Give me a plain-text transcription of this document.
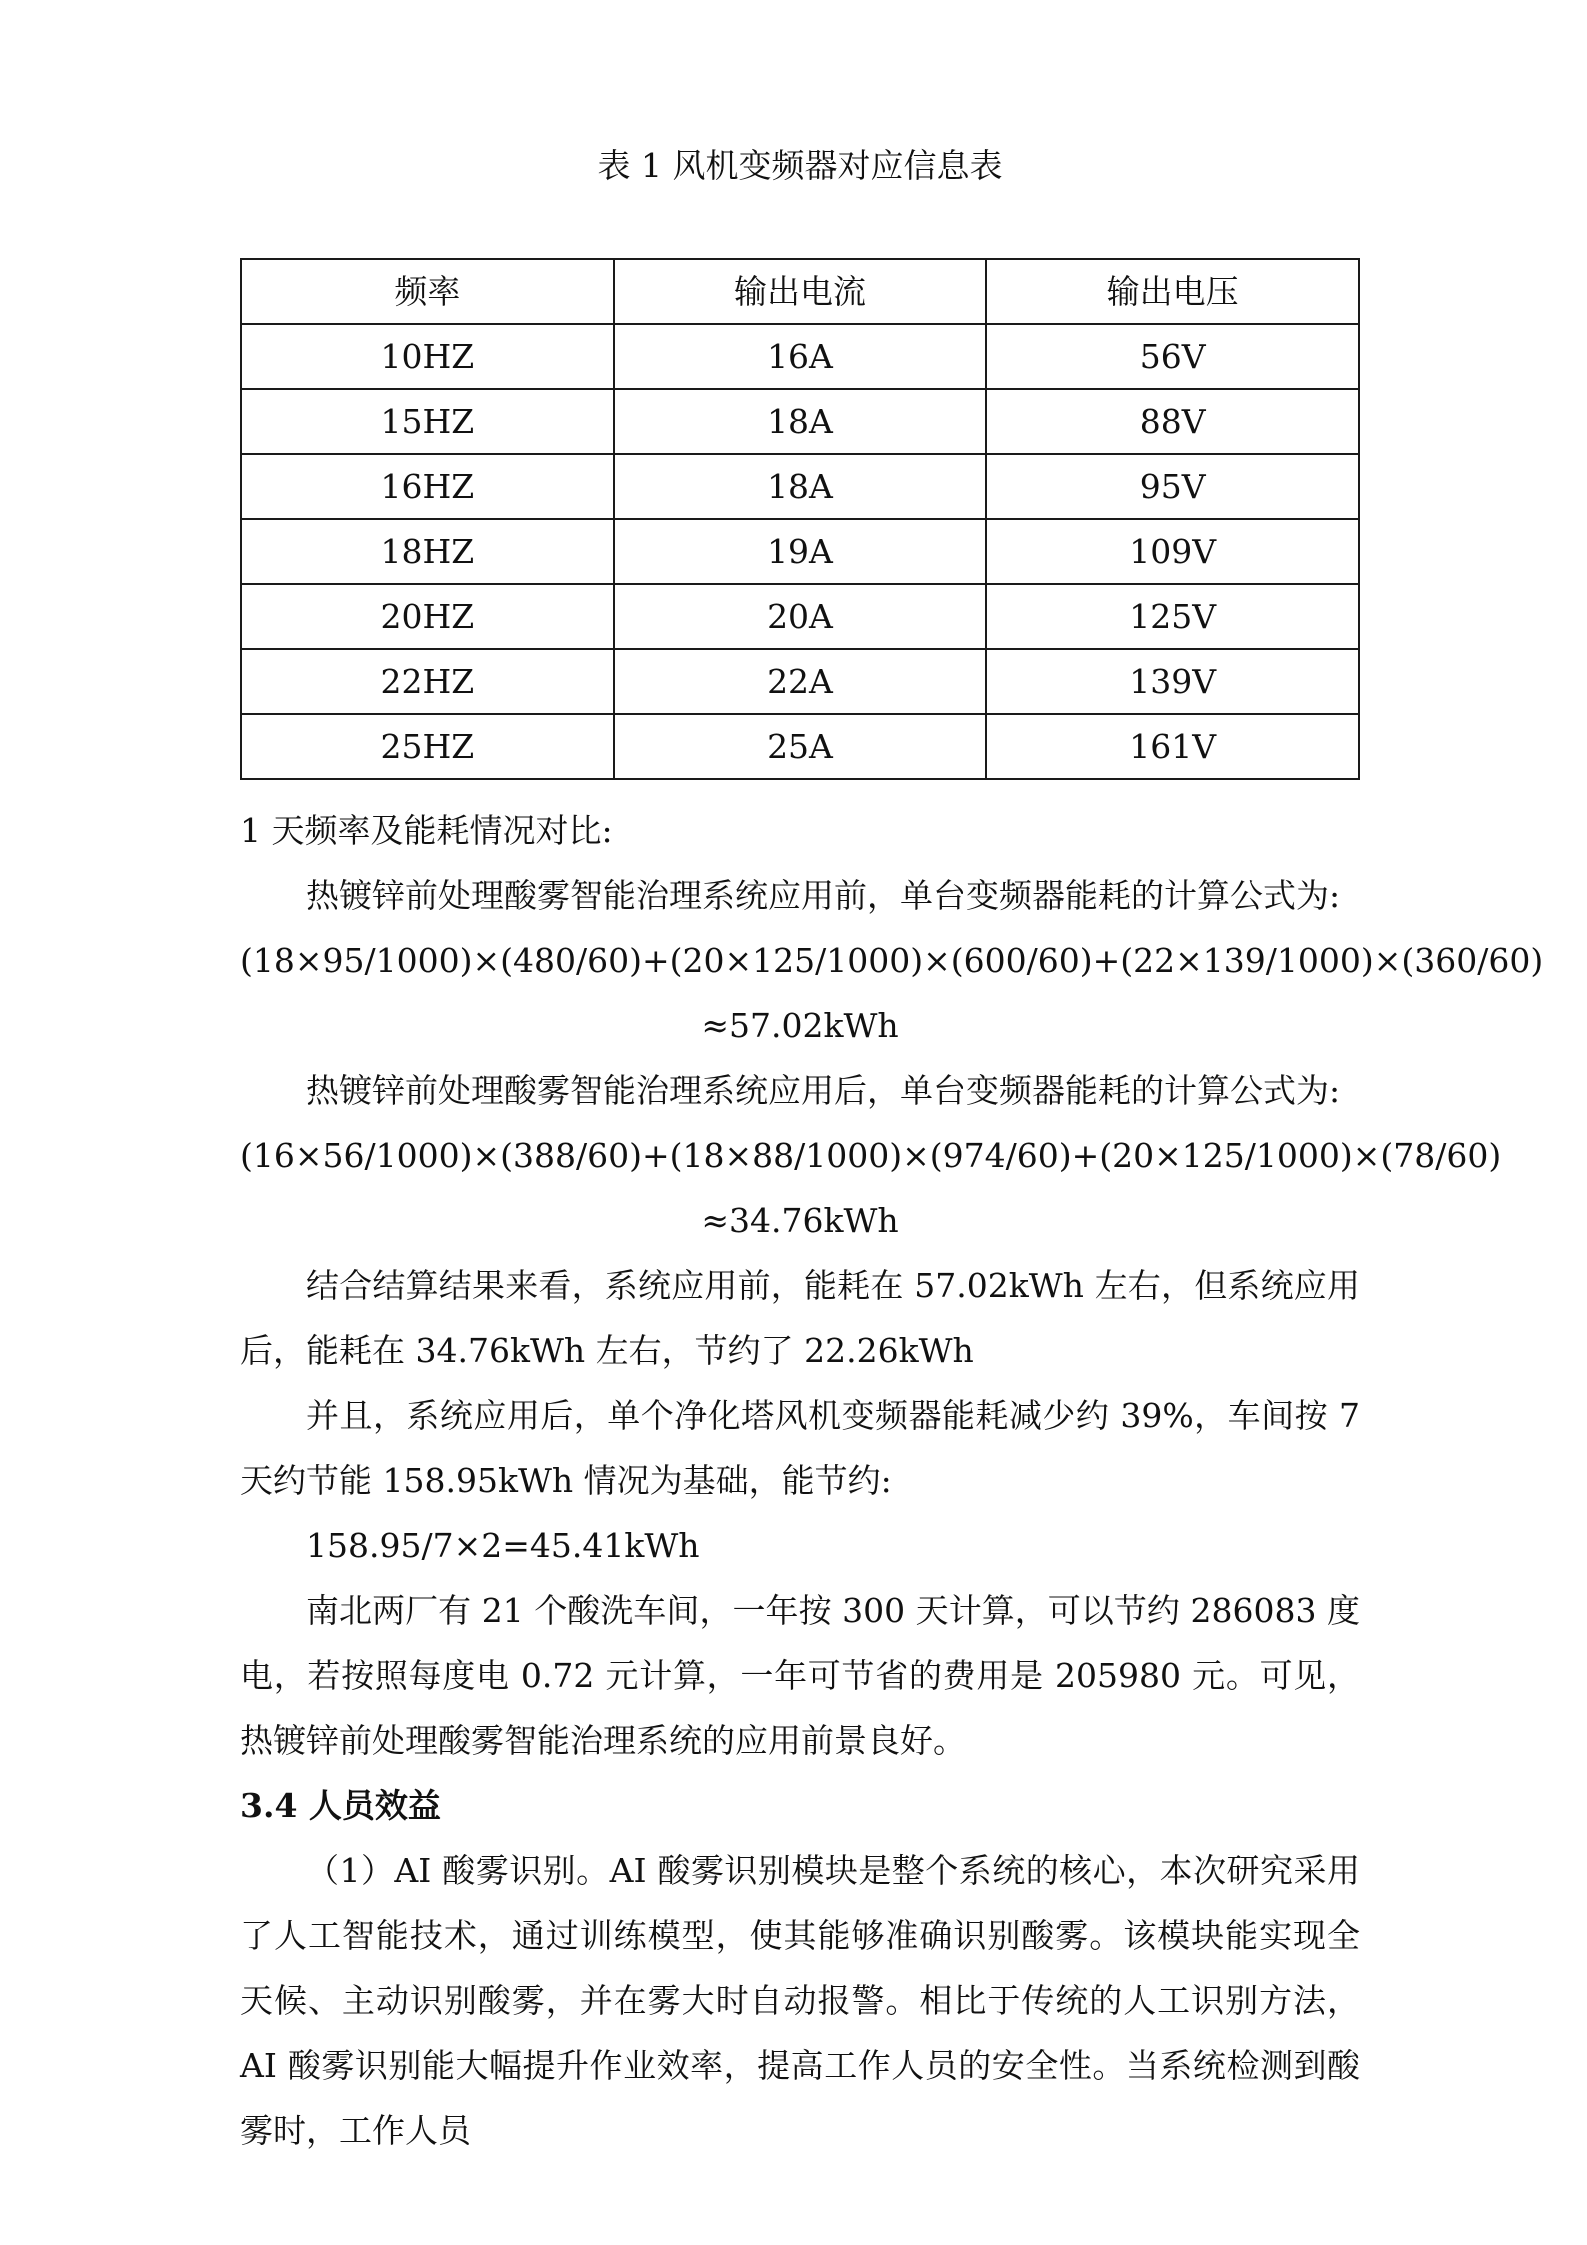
表 1 风机变频器对应信息表
频率	输出电流	输出电压
10HZ	16A	56V
15HZ	18A	88V
16HZ	18A	95V
18HZ	19A	109V
20HZ	20A	125V
22HZ	22A	139V
25HZ	25A	161V

1 天频率及能耗情况对比:

热镀锌前处理酸雾智能治理系统应用前，单台变频器能耗的计算公式为:

(18×95/1000)×(480/60)+(20×125/1000)×(600/60)+(22×139/1000)×(360/60)

≈57.02kWh

热镀锌前处理酸雾智能治理系统应用后，单台变频器能耗的计算公式为:

(16×56/1000)×(388/60)+(18×88/1000)×(974/60)+(20×125/1000)×(78/60)

≈34.76kWh

结合结算结果来看，系统应用前，能耗在 57.02kWh 左右，但系统应用后，能耗在 34.76kWh 左右，节约了 22.26kWh

并且，系统应用后，单个净化塔风机变频器能耗减少约 39%，车间按 7 天约节能 158.95kWh 情况为基础，能节约:

158.95/7×2=45.41kWh

南北两厂有 21 个酸洗车间，一年按 300 天计算，可以节约 286083 度电，若按照每度电 0.72 元计算，一年可节省的费用是 205980 元。可见，热镀锌前处理酸雾智能治理系统的应用前景良好。

3.4 人员效益

（1）AI 酸雾识别。AI 酸雾识别模块是整个系统的核心，本次研究采用了人工智能技术，通过训练模型，使其能够准确识别酸雾。该模块能实现全天候、主动识别酸雾，并在雾大时自动报警。相比于传统的人工识别方法，AI 酸雾识别能大幅提升作业效率，提高工作人员的安全性。当系统检测到酸雾时，工作人员
